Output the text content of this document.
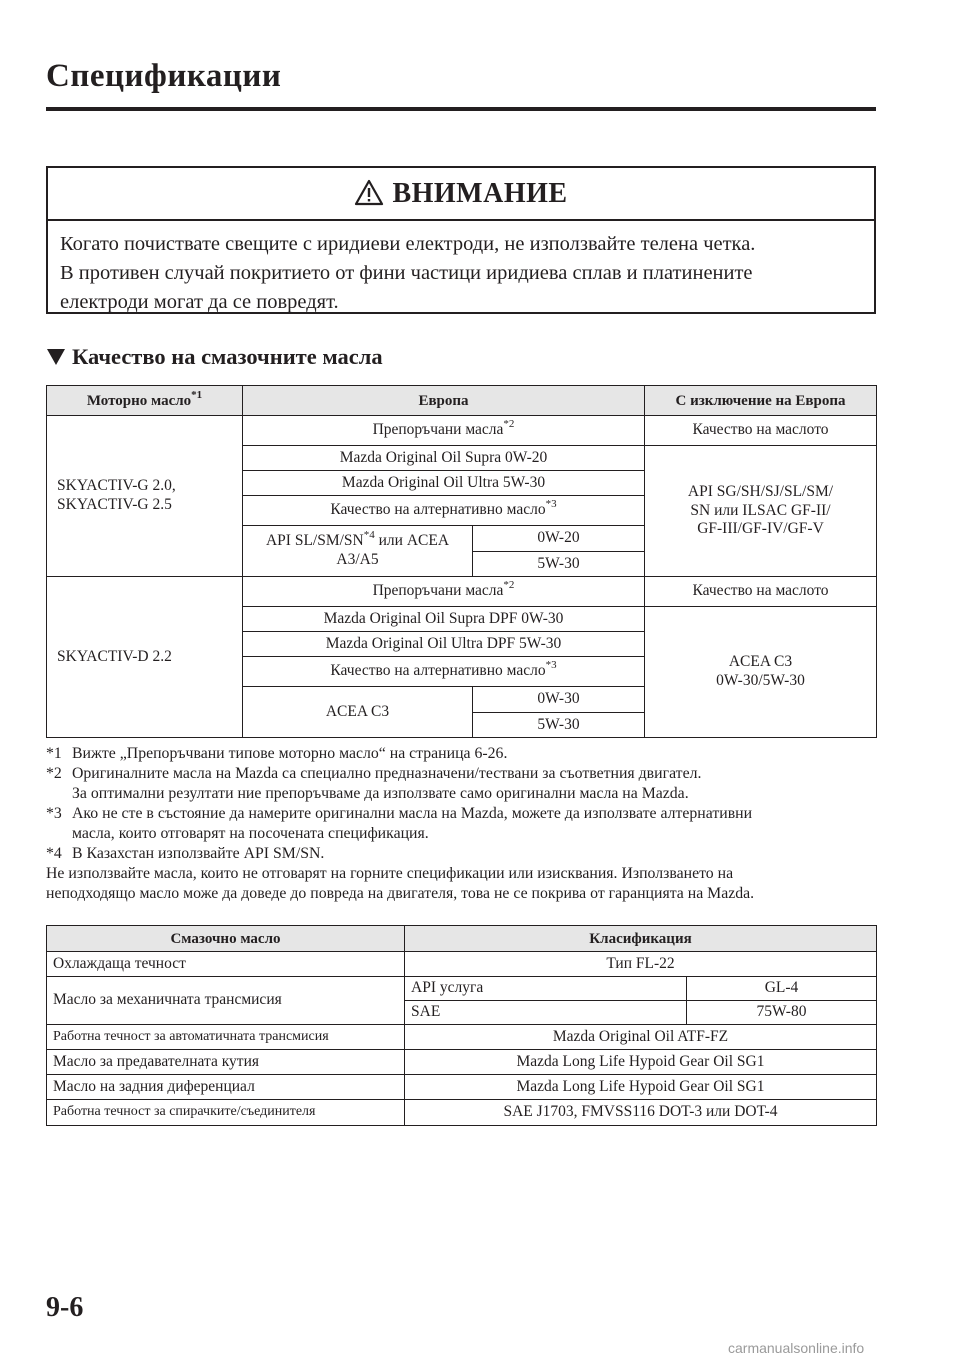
Спецификации
ВНИМАНИЕ
Когато почиствате свещите с иридиеви електроди, не използвайте телена четка.
В противен случай покритието от фини частици иридиева сплав и платинените
електроди могат да се повредят.
Качество на смазочните масла
Моторно масло$^{*1}$	Европа		С изключение на Европа

SKYACTIV-G 2.0,
SKYACTIV-G 2.5	Препоръчани масла$^{*2}$		Качество на маслото
	Mazda Original Oil Supra 0W-20		API SG/SH/SJ/SL/SM/
SN или ILSAC GF-II/
GF-III/GF-IV/GF-V

	Mazda Original Oil Ultra 5W-30		
	Качество на алтернативно масло$^{*3}$

	API SL/SM/SN$^{*4}$ или ACEA
A3/A5	0W-20	
		5W-30	

SKYACTIV-D 2.2	Препоръчани масла$^{*2}$		Качество на маслото
	Mazda Original Oil Supra DPF 0W-30		ACEA C3
0W-30/5W-30

	Mazda Original Oil Ultra DPF 5W-30		
	Качество на алтернативно масло$^{*3}$
	ACEA C3	0W-30	
		5W-30	
*1 Вижте „Препоръчвани типове моторно масло“ на страница 6-26.
*2 Оригиналните масла на Mazda са специално предназначени/тествани за съответния двигател.
За оптимални резултати ние препоръчваме да използвате само оригинални масла на Mazda.
*3 Ако не сте в състояние да намерите оригинални масла на Mazda, можете да използвате алтернативни
масла, които отговарят на посочената спецификация.
*4 В Казахстан използвайте API SM/SN.
Не използвайте масла, които не отговарят на горните спецификации или изисквания. Използването на
неподходящо масло може да доведе до повреда на двигателя, това не се покрива от гаранцията на Mazda.
Смазочно масло	Класификация	
Охлаждаща течност	Тип FL-22	
Масло за механичната трансмисия	API услуга	GL-4
	SAE	75W-80
Работна течност за автоматичната трансмисия	Mazda Original Oil ATF-FZ	
Масло за предавателната кутия	Mazda Long Life Hypoid Gear Oil SG1	
Масло на задния диференциал	Mazda Long Life Hypoid Gear Oil SG1	
Работна течност за спирачките/съединителя	SAE J1703, FMVSS116 DOT-3 или DOT-4	
9-6
carmanualsonline.info
